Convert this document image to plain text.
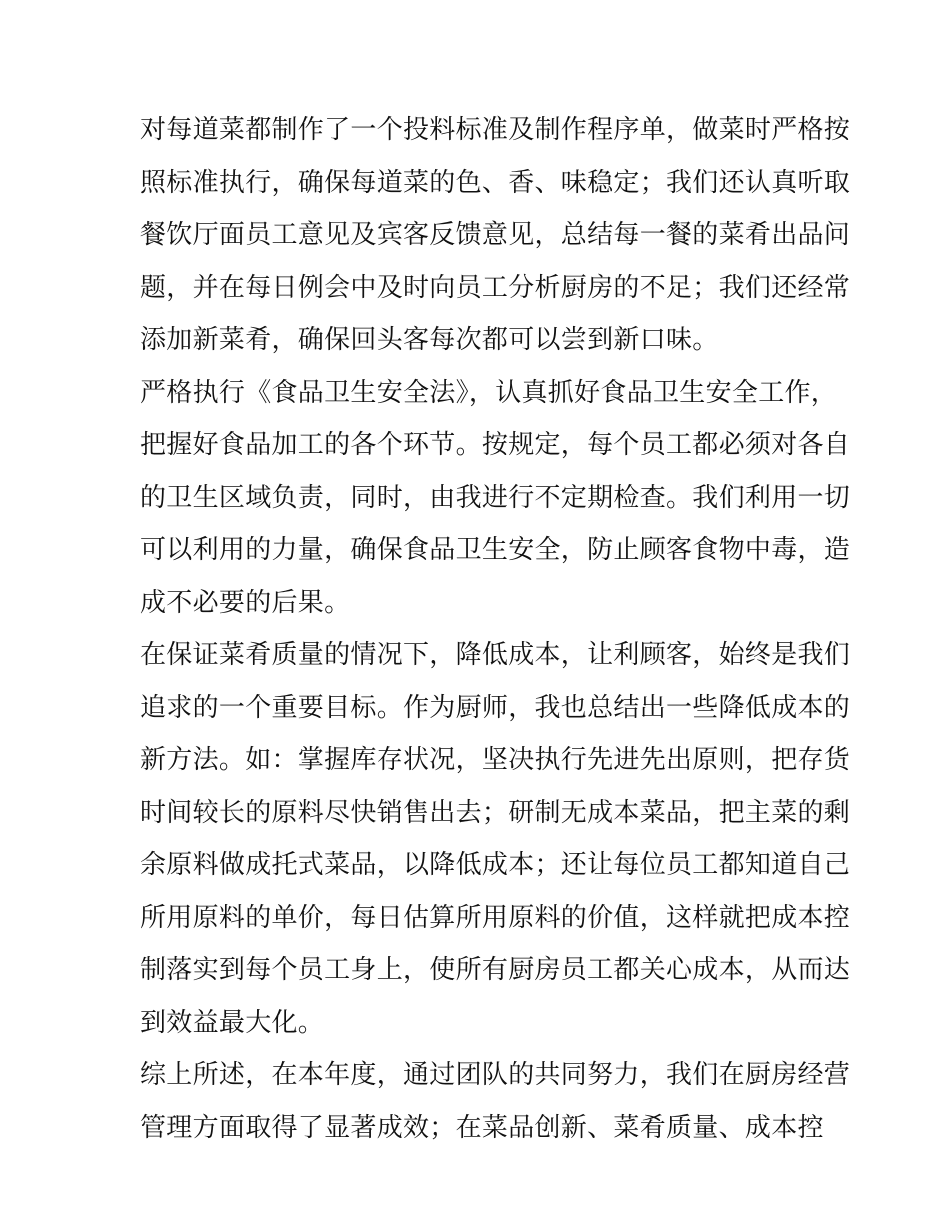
对每道菜都制作了一个投料标准及制作程序单，做菜时严格按
照标准执行，确保每道菜的色、香、味稳定；我们还认真听取
餐饮厅面员工意见及宾客反馈意见，总结每一餐的菜肴出品问
题，并在每日例会中及时向员工分析厨房的不足；我们还经常
添加新菜肴，确保回头客每次都可以尝到新口味。
严格执行《食品卫生安全法》，认真抓好食品卫生安全工作，
把握好食品加工的各个环节。按规定，每个员工都必须对各自
的卫生区域负责，同时，由我进行不定期检查。我们利用一切
可以利用的力量，确保食品卫生安全，防止顾客食物中毒，造
成不必要的后果。
在保证菜肴质量的情况下，降低成本，让利顾客，始终是我们
追求的一个重要目标。作为厨师，我也总结出一些降低成本的
新方法。如：掌握库存状况，坚决执行先进先出原则，把存货
时间较长的原料尽快销售出去；研制无成本菜品，把主菜的剩
余原料做成托式菜品，以降低成本；还让每位员工都知道自己
所用原料的单价，每日估算所用原料的价值，这样就把成本控
制落实到每个员工身上，使所有厨房员工都关心成本，从而达
到效益最大化。
综上所述，在本年度，通过团队的共同努力，我们在厨房经营
管理方面取得了显著成效；在菜品创新、菜肴质量、成本控
